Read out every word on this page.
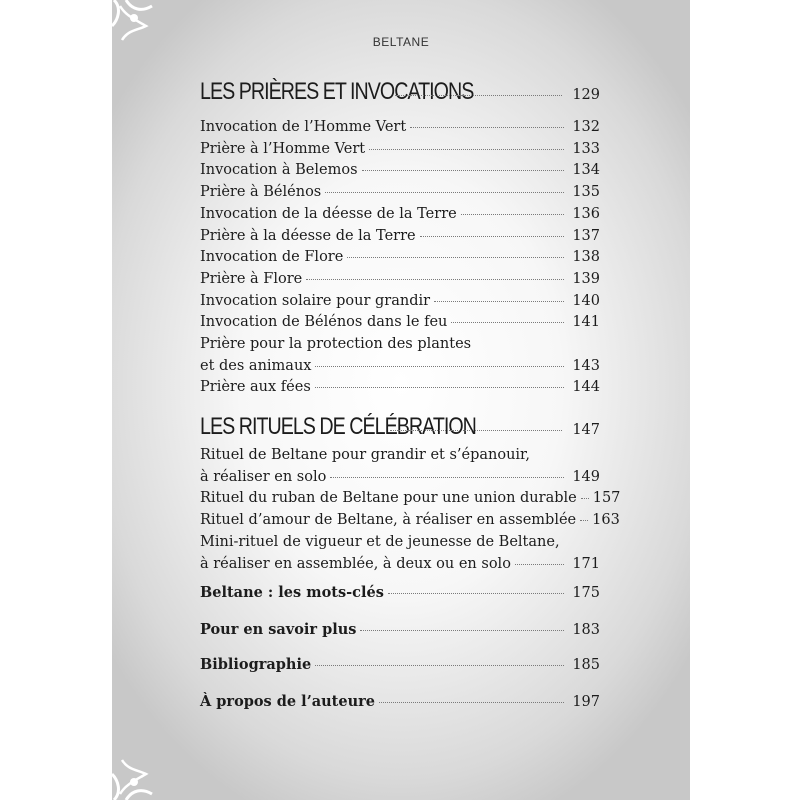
BELTANE
LES PRIÈRES ET INVOCATIONS	129
Invocation de l’Homme Vert	132
Prière à l’Homme Vert	133
Invocation à Belemos	134
Prière à Bélénos	135
Invocation de la déesse de la Terre	136
Prière à la déesse de la Terre	137
Invocation de Flore	138
Prière à Flore	139
Invocation solaire pour grandir	140
Invocation de Bélénos dans le feu	141
Prière pour la protection des plantes
et des animaux	143
Prière aux fées	144
LES RITUELS DE CÉLÉBRATION	147
Rituel de Beltane pour grandir et s’épanouir,
à réaliser en solo	149
Rituel du ruban de Beltane pour une union durable 157
Rituel d’amour de Beltane, à réaliser en assemblée 163
Mini-rituel de vigueur et de jeunesse de Beltane,
à réaliser en assemblée, à deux ou en solo	171
Beltane : les mots-clés	175
Pour en savoir plus	183
Bibliographie	185
À propos de l’auteure	197
